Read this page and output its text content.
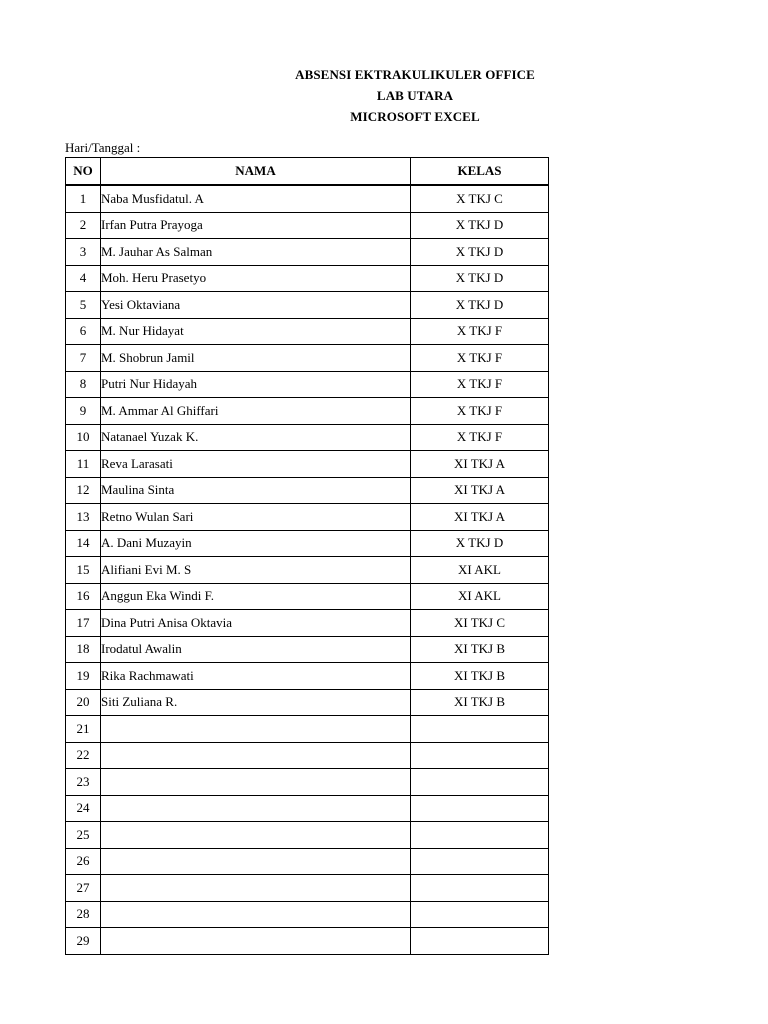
ABSENSI EKTRAKULIKULER OFFICE
LAB UTARA
MICROSOFT EXCEL
Hari/Tanggal :
NO	NAMA	KELAS
1	Naba Musfidatul. A	X TKJ C
2	Irfan Putra Prayoga	X TKJ D
3	M. Jauhar As Salman	X TKJ D
4	Moh. Heru Prasetyo	X TKJ D
5	Yesi Oktaviana	X TKJ D
6	M. Nur Hidayat	X TKJ F
7	M. Shobrun Jamil	X TKJ F
8	Putri Nur Hidayah	X TKJ F
9	M. Ammar Al Ghiffari	X TKJ F
10	Natanael Yuzak K.	X TKJ F
11	Reva Larasati	XI TKJ A
12	Maulina Sinta	XI TKJ A
13	Retno Wulan Sari	XI TKJ A
14	A. Dani Muzayin	X TKJ D
15	Alifiani Evi M. S	XI AKL
16	Anggun Eka Windi F.	XI AKL
17	Dina Putri Anisa Oktavia	XI TKJ C
18	Irodatul Awalin	XI TKJ B
19	Rika Rachmawati	XI TKJ B
20	Siti Zuliana R.	XI TKJ B
21		
22		
23		
24		
25		
26		
27		
28		
29		
